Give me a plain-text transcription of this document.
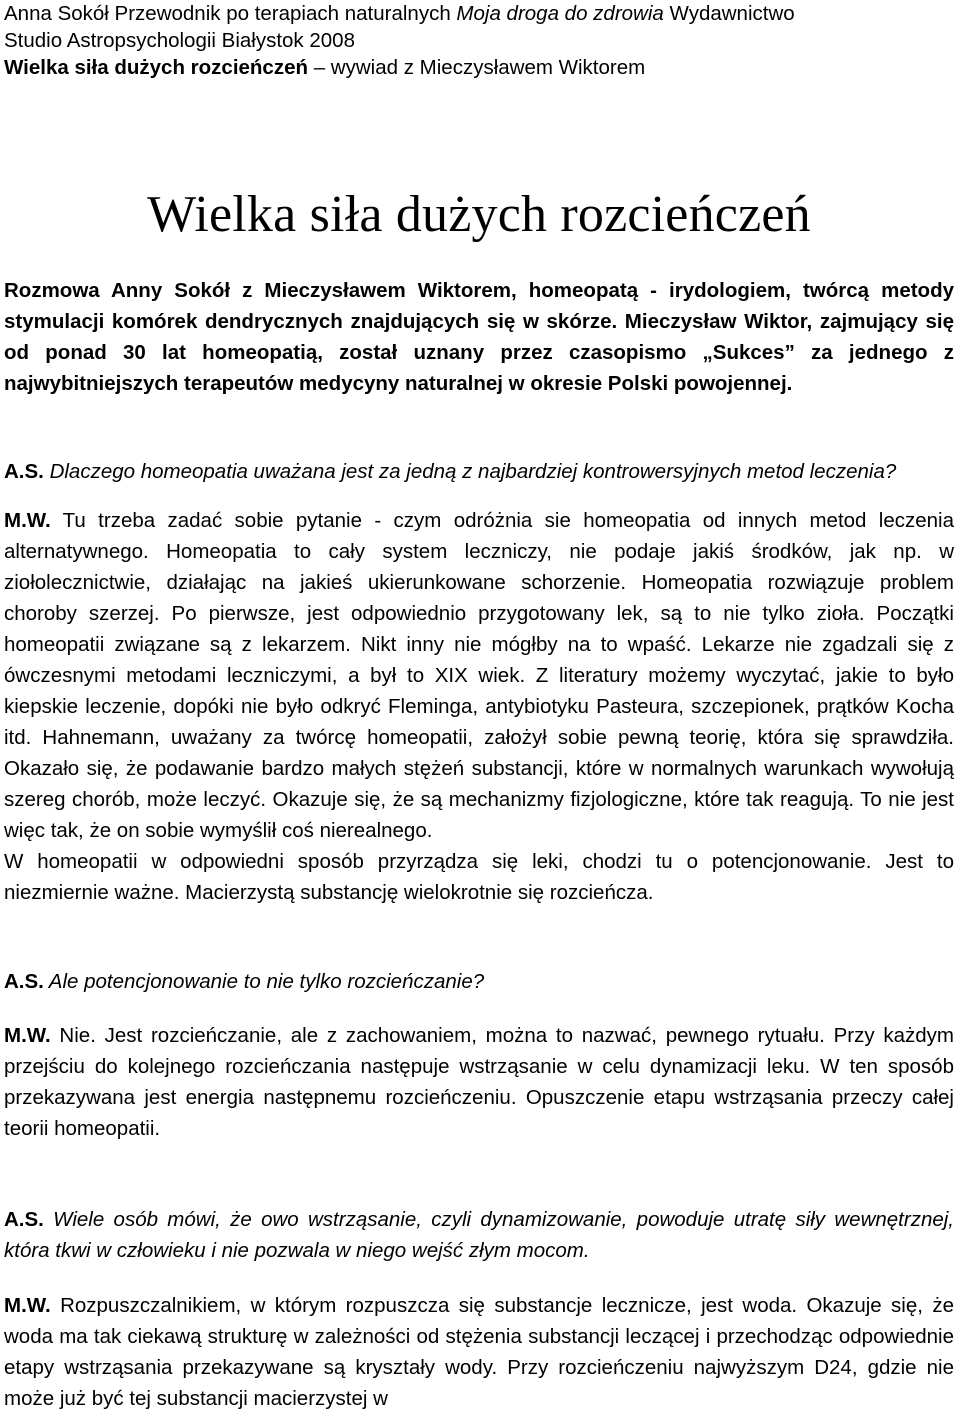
Anna Sokół Przewodnik po terapiach naturalnych Moja droga do zdrowia Wydawnictwo
Studio Astropsychologii Białystok 2008
Wielka siła dużych rozcieńczeń – wywiad z Mieczysławem Wiktorem
Wielka siła dużych rozcieńczeń
Rozmowa Anny Sokół z Mieczysławem Wiktorem, homeopatą - irydologiem, twórcą metody stymulacji komórek dendrycznych znajdujących się w skórze. Mieczysław Wiktor, zajmujący się od ponad 30 lat homeopatią, został uznany przez czasopismo „Sukces” za jednego z najwybitniejszych terapeutów medycyny naturalnej w okresie Polski powojennej.
A.S. Dlaczego homeopatia uważana jest za jedną z najbardziej kontrowersyjnych metod leczenia?
M.W. Tu trzeba zadać sobie pytanie - czym odróżnia sie homeopatia od innych metod leczenia alternatywnego. Homeopatia to cały system leczniczy, nie podaje jakiś środków, jak np. w ziołolecznictwie, działając na jakieś ukierunkowane schorzenie. Homeopatia rozwiązuje problem choroby szerzej. Po pierwsze, jest odpowiednio przygotowany lek, są to nie tylko zioła. Początki homeopatii związane są z lekarzem. Nikt inny nie mógłby na to wpaść. Lekarze nie zgadzali się z ówczesnymi metodami leczniczymi, a był to XIX wiek. Z literatury możemy wyczytać, jakie to było kiepskie leczenie, dopóki nie było odkryć Fleminga, antybiotyku Pasteura, szczepionek, prątków Kocha itd. Hahnemann, uważany za twórcę homeopatii, założył sobie pewną teorię, która się sprawdziła. Okazało się, że podawanie bardzo małych stężeń substancji, które w normalnych warunkach wywołują szereg chorób, może leczyć. Okazuje się, że są mechanizmy fizjologiczne, które tak reagują. To nie jest więc tak, że on sobie wymyślił coś nierealnego.
W homeopatii w odpowiedni sposób przyrządza się leki, chodzi tu o potencjonowanie. Jest to niezmiernie ważne. Macierzystą substancję wielokrotnie się rozcieńcza.
A.S. Ale potencjonowanie to nie tylko rozcieńczanie?
M.W. Nie. Jest rozcieńczanie, ale z zachowaniem, można to nazwać, pewnego rytuału. Przy każdym przejściu do kolejnego rozcieńczania następuje wstrząsanie w celu dynamizacji leku. W ten sposób przekazywana jest energia następnemu rozcieńczeniu. Opuszczenie etapu wstrząsania przeczy całej teorii homeopatii.
A.S. Wiele osób mówi, że owo wstrząsanie, czyli dynamizowanie, powoduje utratę siły wewnętrznej, która tkwi w człowieku i nie pozwala w niego wejść złym mocom.
M.W. Rozpuszczalnikiem, w którym rozpuszcza się substancje lecznicze, jest woda. Okazuje się, że woda ma tak ciekawą strukturę w zależności od stężenia substancji leczącej i przechodząc odpowiednie etapy wstrząsania przekazywane są kryształy wody. Przy rozcieńczeniu najwyższym D24, gdzie nie może już być tej substancji macierzystej w
